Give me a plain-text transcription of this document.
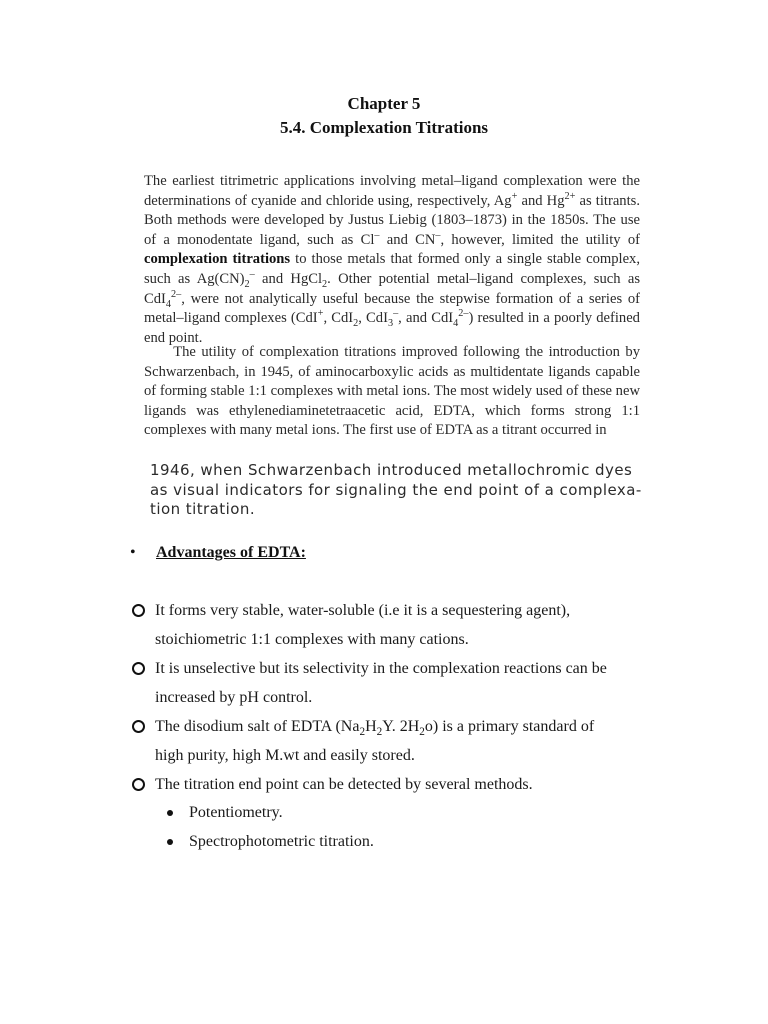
Chapter 5
5.4. Complexation Titrations
The earliest titrimetric applications involving metal–ligand complexation were the determinations of cyanide and chloride using, respectively, Ag+ and $Hg^{2+}$ as titrants. Both methods were developed by Justus Liebig (1803–1873) in the 1850s. The use of a monodentate ligand, such as Cl– and CN–, however, limited the utility of complexation titrations to those metals that formed only a single stable complex, such as $Ag(CN)_2^-$ and HgCl$_2$. Other potential metal–ligand complexes, such as CdI$_4^{2-}$, were not analytically useful because the stepwise formation of a series of metal–ligand complexes (CdI+, CdI$_2$, CdI$_3$–, and CdI$_4^{2-}$) resulted in a poorly defined end point.
The utility of complexation titrations improved following the introduction by Schwarzenbach, in 1945, of aminocarboxylic acids as multidentate ligands capable of forming stable 1:1 complexes with metal ions. The most widely used of these new ligands was ethylenediaminetetraacetic acid, EDTA, which forms strong 1:1 complexes with many metal ions. The first use of EDTA as a titrant occurred in
1946, when Schwarzenbach introduced metallochromic dyes
as visual indicators for signaling the end point of a complexa-
tion titration.
• Advantages of EDTA:
It forms very stable, water-soluble (i.e it is a sequestering agent),
stoichiometric 1:1 complexes with many cations.
It is unselective but its selectivity in the complexation reactions can be
increased by pH control.
The disodium salt of EDTA ($Na_2H_2Y$. $2H_2o$) is a primary standard of
high purity, high M.wt and easily stored.
The titration end point can be detected by several methods.
Potentiometry.
Spectrophotometric titration.
